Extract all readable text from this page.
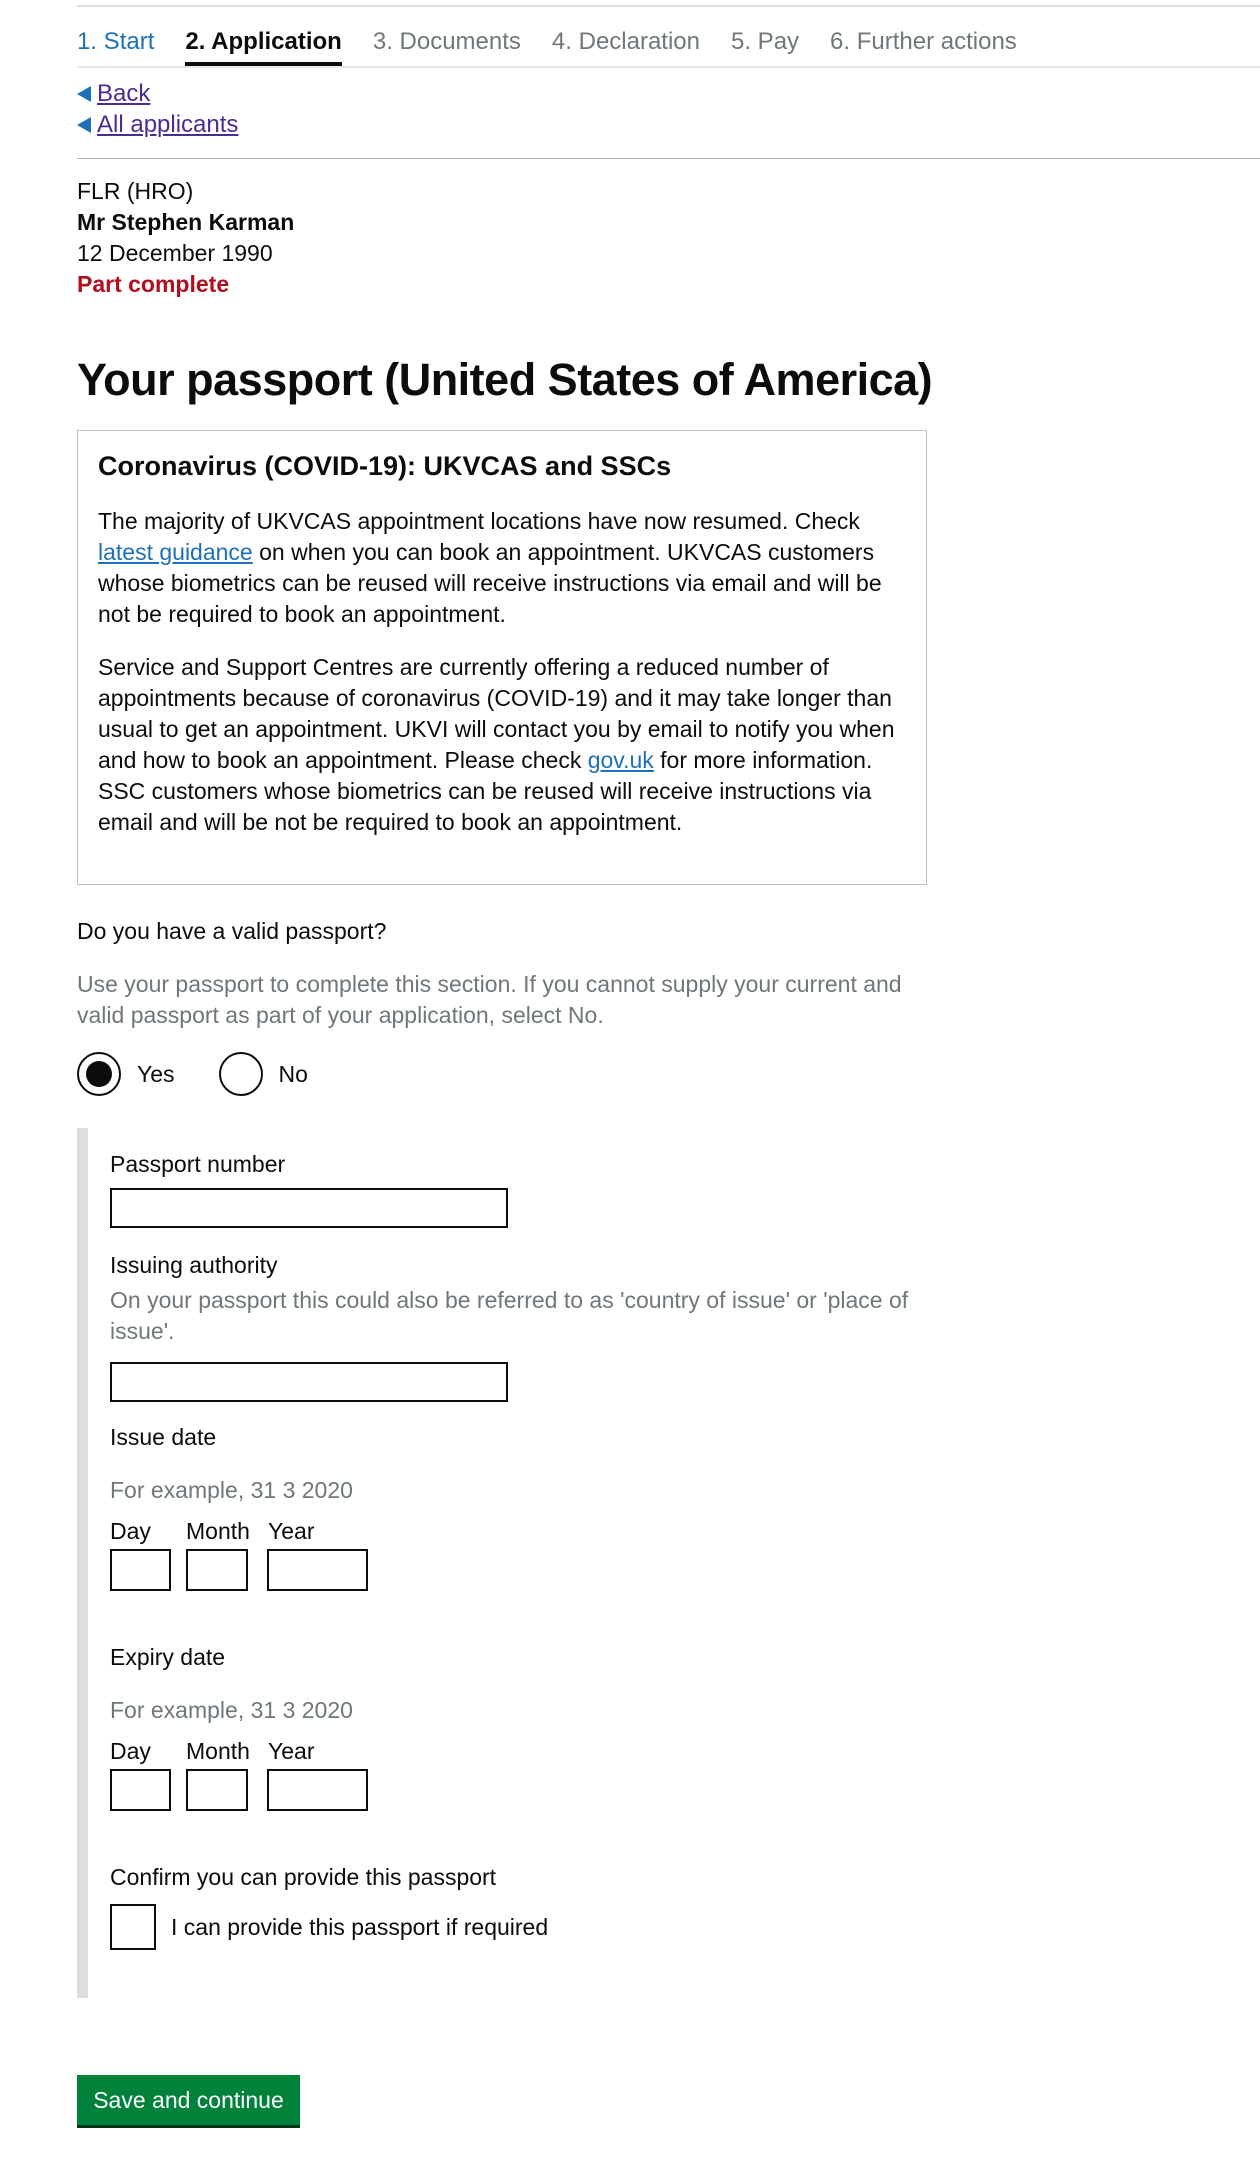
1. Start 2. Application 3. Documents 4. Declaration 5. Pay 6. Further actions
Back
All applicants
FLR (HRO)
Mr Stephen Karman
12 December 1990
Part complete
Your passport (United States of America)
Coronavirus (COVID-19): UKVCAS and SSCs

The majority of UKVCAS appointment locations have now resumed. Check latest guidance on when you can book an appointment. UKVCAS customers whose biometrics can be reused will receive instructions via email and will be not be required to book an appointment.

Service and Support Centres are currently offering a reduced number of appointments because of coronavirus (COVID-19) and it may take longer than usual to get an appointment. UKVI will contact you by email to notify you when and how to book an appointment. Please check gov.uk for more information. SSC customers whose biometrics can be reused will receive instructions via email and will be not be required to book an appointment.

Do you have a valid passport?
Use your passport to complete this section. If you cannot supply your current and valid passport as part of your application, select No.
Yes	No
Passport number
Issuing authority
On your passport this could also be referred to as 'country of issue' or 'place of issue'.
Issue date
For example, 31 3 2020
Day Month Year
Expiry date
For example, 31 3 2020
Day Month Year
Confirm you can provide this passport
I can provide this passport if required
Save and continue
